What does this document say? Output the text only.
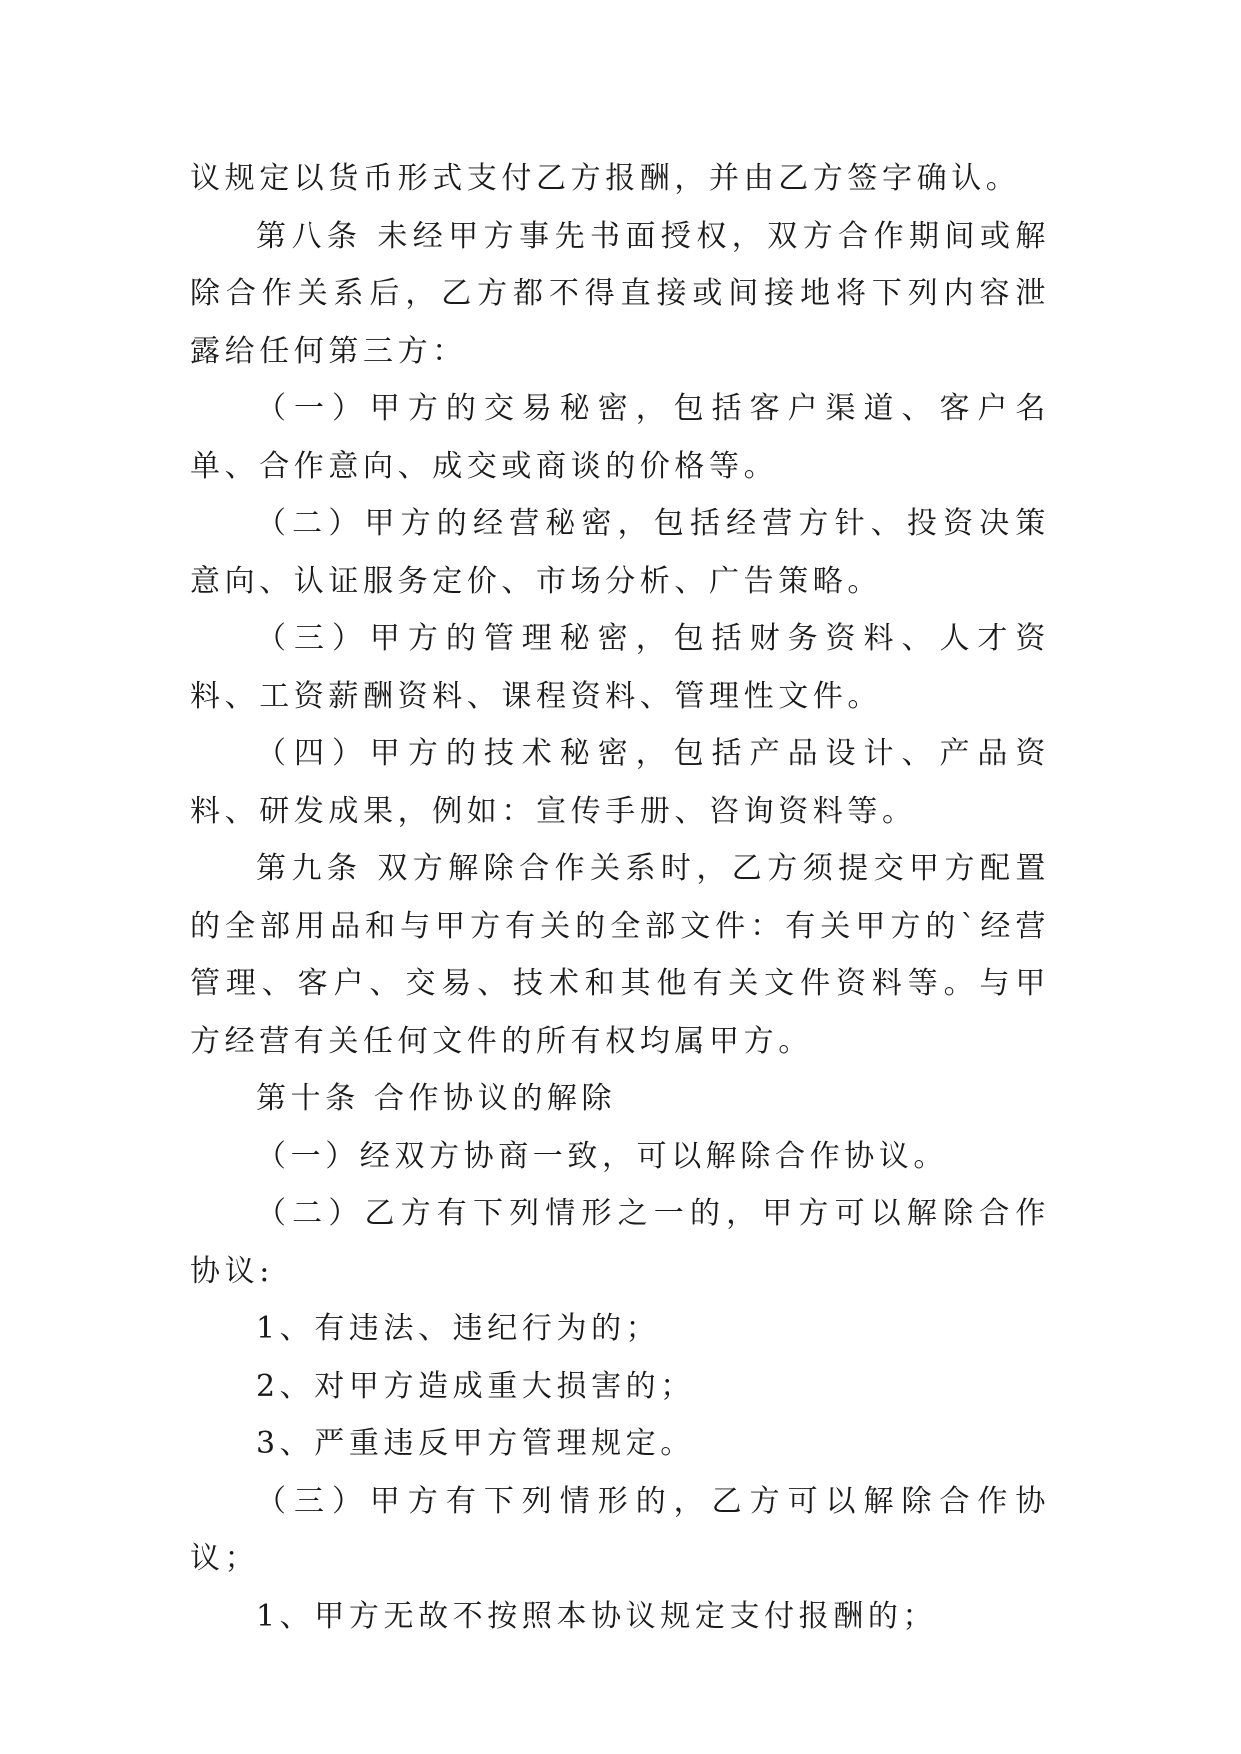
议规定以货币形式支付乙方报酬，并由乙方签字确认。

第八条 未经甲方事先书面授权，双方合作期间或解除合作关系后，乙方都不得直接或间接地将下列内容泄露给任何第三方：

（一）甲方的交易秘密，包括客户渠道、客户名单、合作意向、成交或商谈的价格等。

（二）甲方的经营秘密，包括经营方针、投资决策意向、认证服务定价、市场分析、广告策略。

（三）甲方的管理秘密，包括财务资料、人才资料、工资薪酬资料、课程资料、管理性文件。

（四）甲方的技术秘密，包括产品设计、产品资料、研发成果，例如：宣传手册、咨询资料等。

第九条 双方解除合作关系时，乙方须提交甲方配置的全部用品和与甲方有关的全部文件：有关甲方的`经营管理、客户、交易、技术和其他有关文件资料等。与甲方经营有关任何文件的所有权均属甲方。

第十条 合作协议的解除

（一）经双方协商一致，可以解除合作协议。

（二）乙方有下列情形之一的，甲方可以解除合作协议:

1、有违法、违纪行为的；

2、对甲方造成重大损害的；

3、严重违反甲方管理规定。

（三）甲方有下列情形的，乙方可以解除合作协议；

1、甲方无故不按照本协议规定支付报酬的；
